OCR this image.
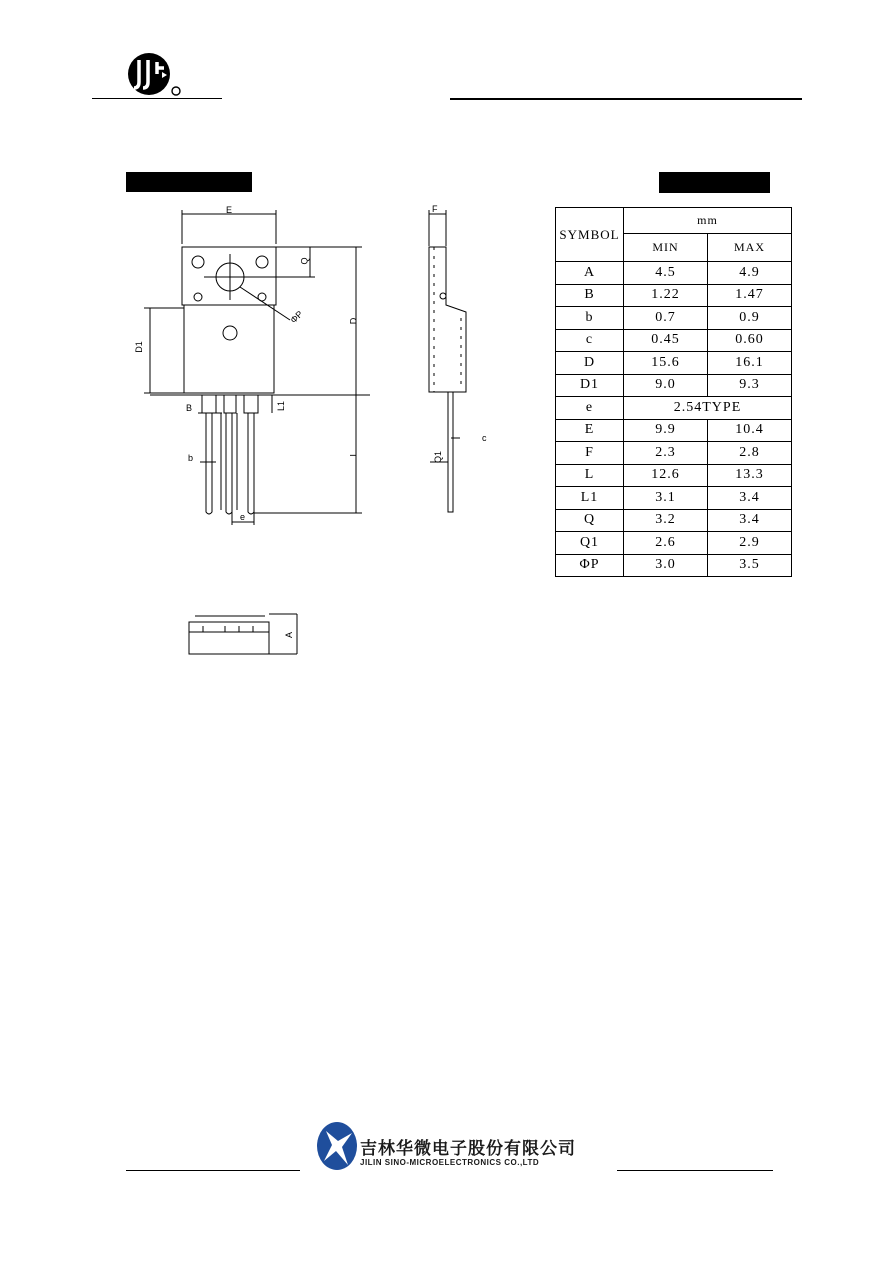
E
Q
ΦP	D
D1
B	L1
b	L
e
F
c
Q1
A
SYMBOL	mm	
	MIN	MAX
A	4.5	4.9
B	1.22	1.47
b	0.7	0.9
c	0.45	0.60
D	15.6	16.1
D1	9.0	9.3
e	2.54TYPE	
E	9.9	10.4
F	2.3	2.8
L	12.6	13.3
L1	3.1	3.4
Q	3.2	3.4
Q1	2.6	2.9
ΦP	3.0	3.5
吉林华微电子股份有限公司
JILIN SINO-MICROELECTRONICS CO.,LTD
